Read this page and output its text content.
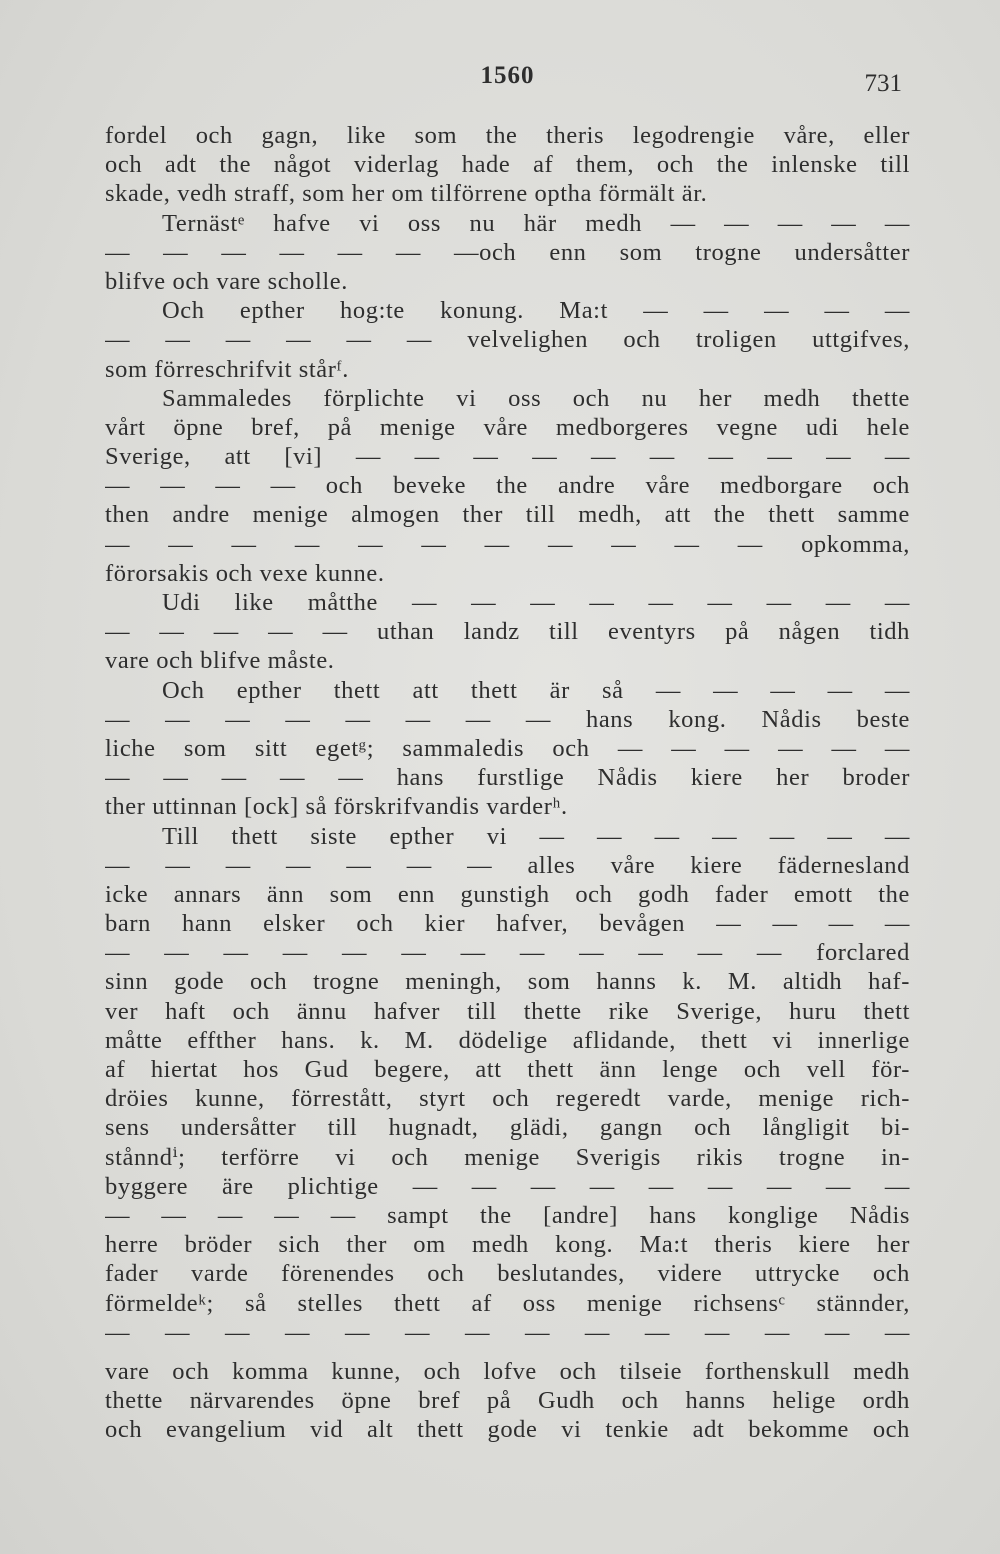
1560	731
fordel och gagn, like som the theris legodrengie våre, eller
och adt the något viderlag hade af them, och the inlenske till
skade, vedh straff, som her om tilförrene optha förmält är.
Ternästᵉ hafve vi oss nu här medh — — — — —
— — — — — — —och enn som trogne undersåtter
blifve och vare scholle.
Och epther hog:te konung. Ma:t — — — — —
— — — — — — velvelighen och troligen uttgifves,
som förreschrifvit stårᶠ.
Sammaledes förplichte vi oss och nu her medh thette
vårt öpne bref, på menige våre medborgeres vegne udi hele
Sverige, att [vi] — — — — — — — — — —
— — — — och beveke the andre våre medborgare och
then andre menige almogen ther till medh, att the thett samme
— — — — — — — — — — — opkomma,
förorsakis och vexe kunne.
Udi like måtthe — — — — — — — — —
— — — — — uthan landz till eventyrs på någen tidh
vare och blifve måste.
Och epther thett att thett är så — — — — —
— — — — — — — — hans kong. Nådis beste
liche som sitt egetᵍ; sammaledis och — — — — — —
— — — — — hans furstlige Nådis kiere her broder
ther uttinnan [ock] så förskrifvandis varderʰ.
Till thett siste epther vi — — — — — — —
— — — — — — — alles våre kiere fädernesland
icke annars änn som enn gunstigh och godh fader emott the
barn hann elsker och kier hafver, bevågen — — — —
— — — — — — — — — — — — forclared
sinn gode och trogne meningh, som hanns k. M. altidh haf-
ver haft och ännu hafver till thette rike Sverige, huru thett
måtte effther hans. k. M. dödelige aflidande, thett vi innerlige
af hiertat hos Gud begere, att thett änn lenge och vell för-
dröies kunne, förrestått, styrt och regeredt varde, menige rich-
sens undersåtter till hugnadt, glädi, gangn och långligit bi-
stånndⁱ; terförre vi och menige Sverigis rikis trogne in-
byggere äre plichtige — — — — — — — — —
— — — — — sampt the [andre] hans konglige Nådis
herre bröder sich ther om medh kong. Ma:t theris kiere her
fader varde förenendes och beslutandes, videre uttrycke och
förmeldeᵏ; så stelles thett af oss menige richsensᶜ stännder,
— — — — — — — — — — — — — —
vare och komma kunne, och lofve och tilseie forthenskull medh
thette närvarendes öpne bref på Gudh och hanns helige ordh
och evangelium vid alt thett gode vi tenkie adt bekomme och
